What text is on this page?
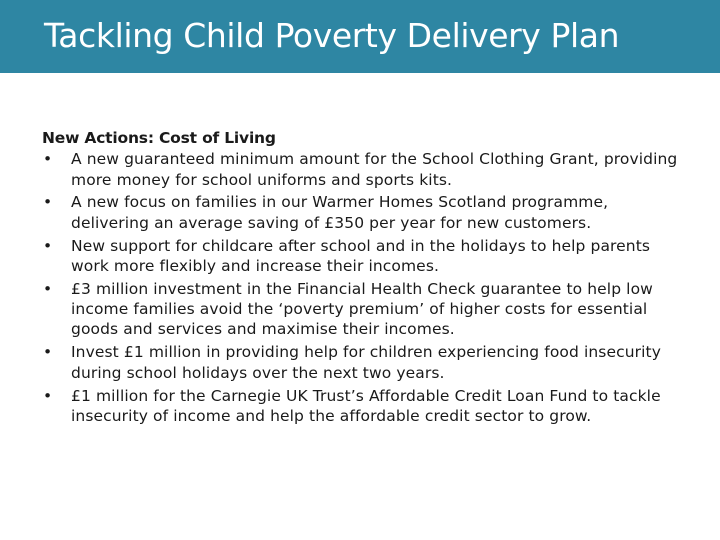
Tackling Child Poverty Delivery Plan

New Actions: Cost of Living

•	A new guaranteed minimum amount for the School Clothing Grant, providing more money for school uniforms and sports kits.
•	A new focus on families in our Warmer Homes Scotland programme, delivering an average saving of £350 per year for new customers.
•	New support for childcare after school and in the holidays to help parents work more flexibly and increase their incomes.
•	£3 million investment in the Financial Health Check guarantee to help low income families avoid the ‘poverty premium’ of higher costs for essential goods and services and maximise their incomes.
•	Invest £1 million in providing help for children experiencing food insecurity during school holidays over the next two years.
•	£1 million for the Carnegie UK Trust’s Affordable Credit Loan Fund to tackle insecurity of income and help the affordable credit sector to grow.
